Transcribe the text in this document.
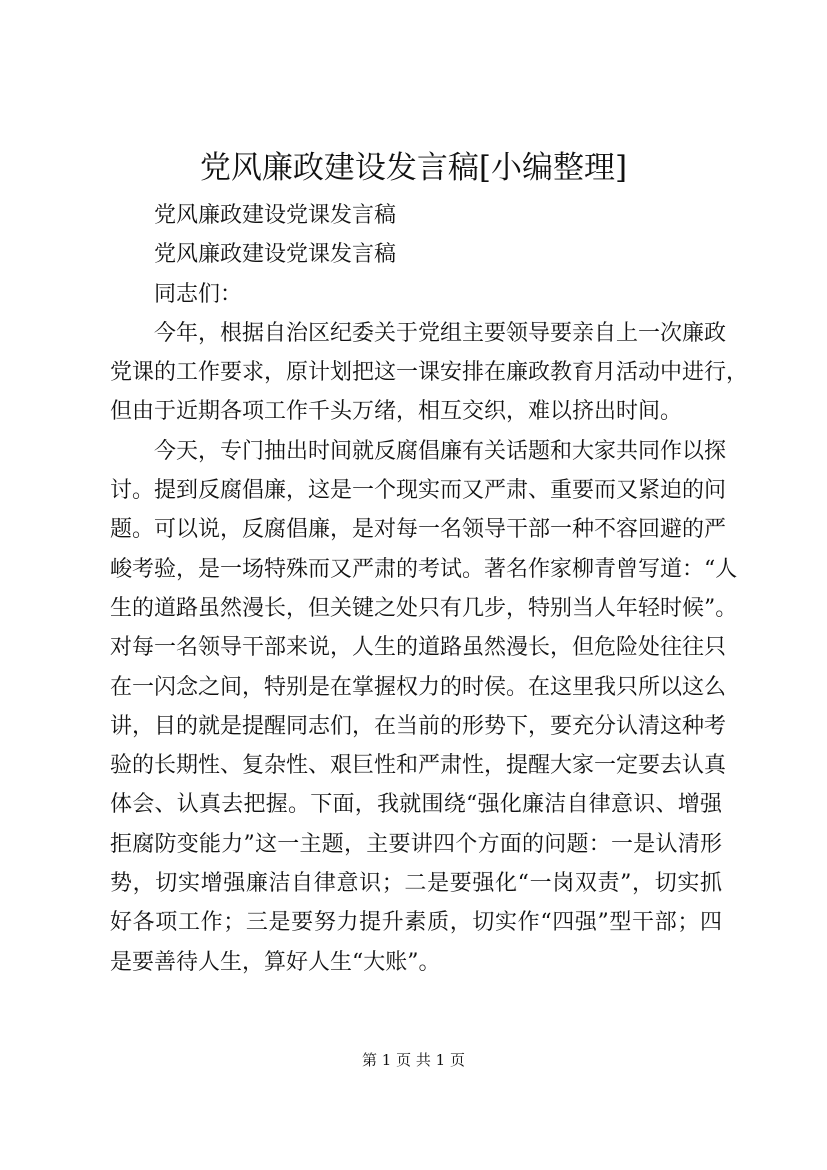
党风廉政建设发言稿[小编整理]
党风廉政建设党课发言稿
党风廉政建设党课发言稿
同志们：
今年，根据自治区纪委关于党组主要领导要亲自上一次廉政
党课的工作要求，原计划把这一课安排在廉政教育月活动中进行，
但由于近期各项工作千头万绪，相互交织，难以挤出时间。
今天，专门抽出时间就反腐倡廉有关话题和大家共同作以探
讨。提到反腐倡廉，这是一个现实而又严肃、重要而又紧迫的问
题。可以说，反腐倡廉，是对每一名领导干部一种不容回避的严
峻考验，是一场特殊而又严肃的考试。著名作家柳青曾写道：“人
生的道路虽然漫长，但关键之处只有几步，特别当人年轻时候”。
对每一名领导干部来说，人生的道路虽然漫长，但危险处往往只
在一闪念之间，特别是在掌握权力的时侯。在这里我只所以这么
讲，目的就是提醒同志们，在当前的形势下，要充分认清这种考
验的长期性、复杂性、艰巨性和严肃性，提醒大家一定要去认真
体会、认真去把握。下面，我就围绕“强化廉洁自律意识、增强
拒腐防变能力”这一主题，主要讲四个方面的问题：一是认清形
势，切实增强廉洁自律意识；二是要强化“一岗双责”，切实抓
好各项工作；三是要努力提升素质，切实作“四强”型干部；四
是要善待人生，算好人生“大账”。
第 1 页 共 1 页
